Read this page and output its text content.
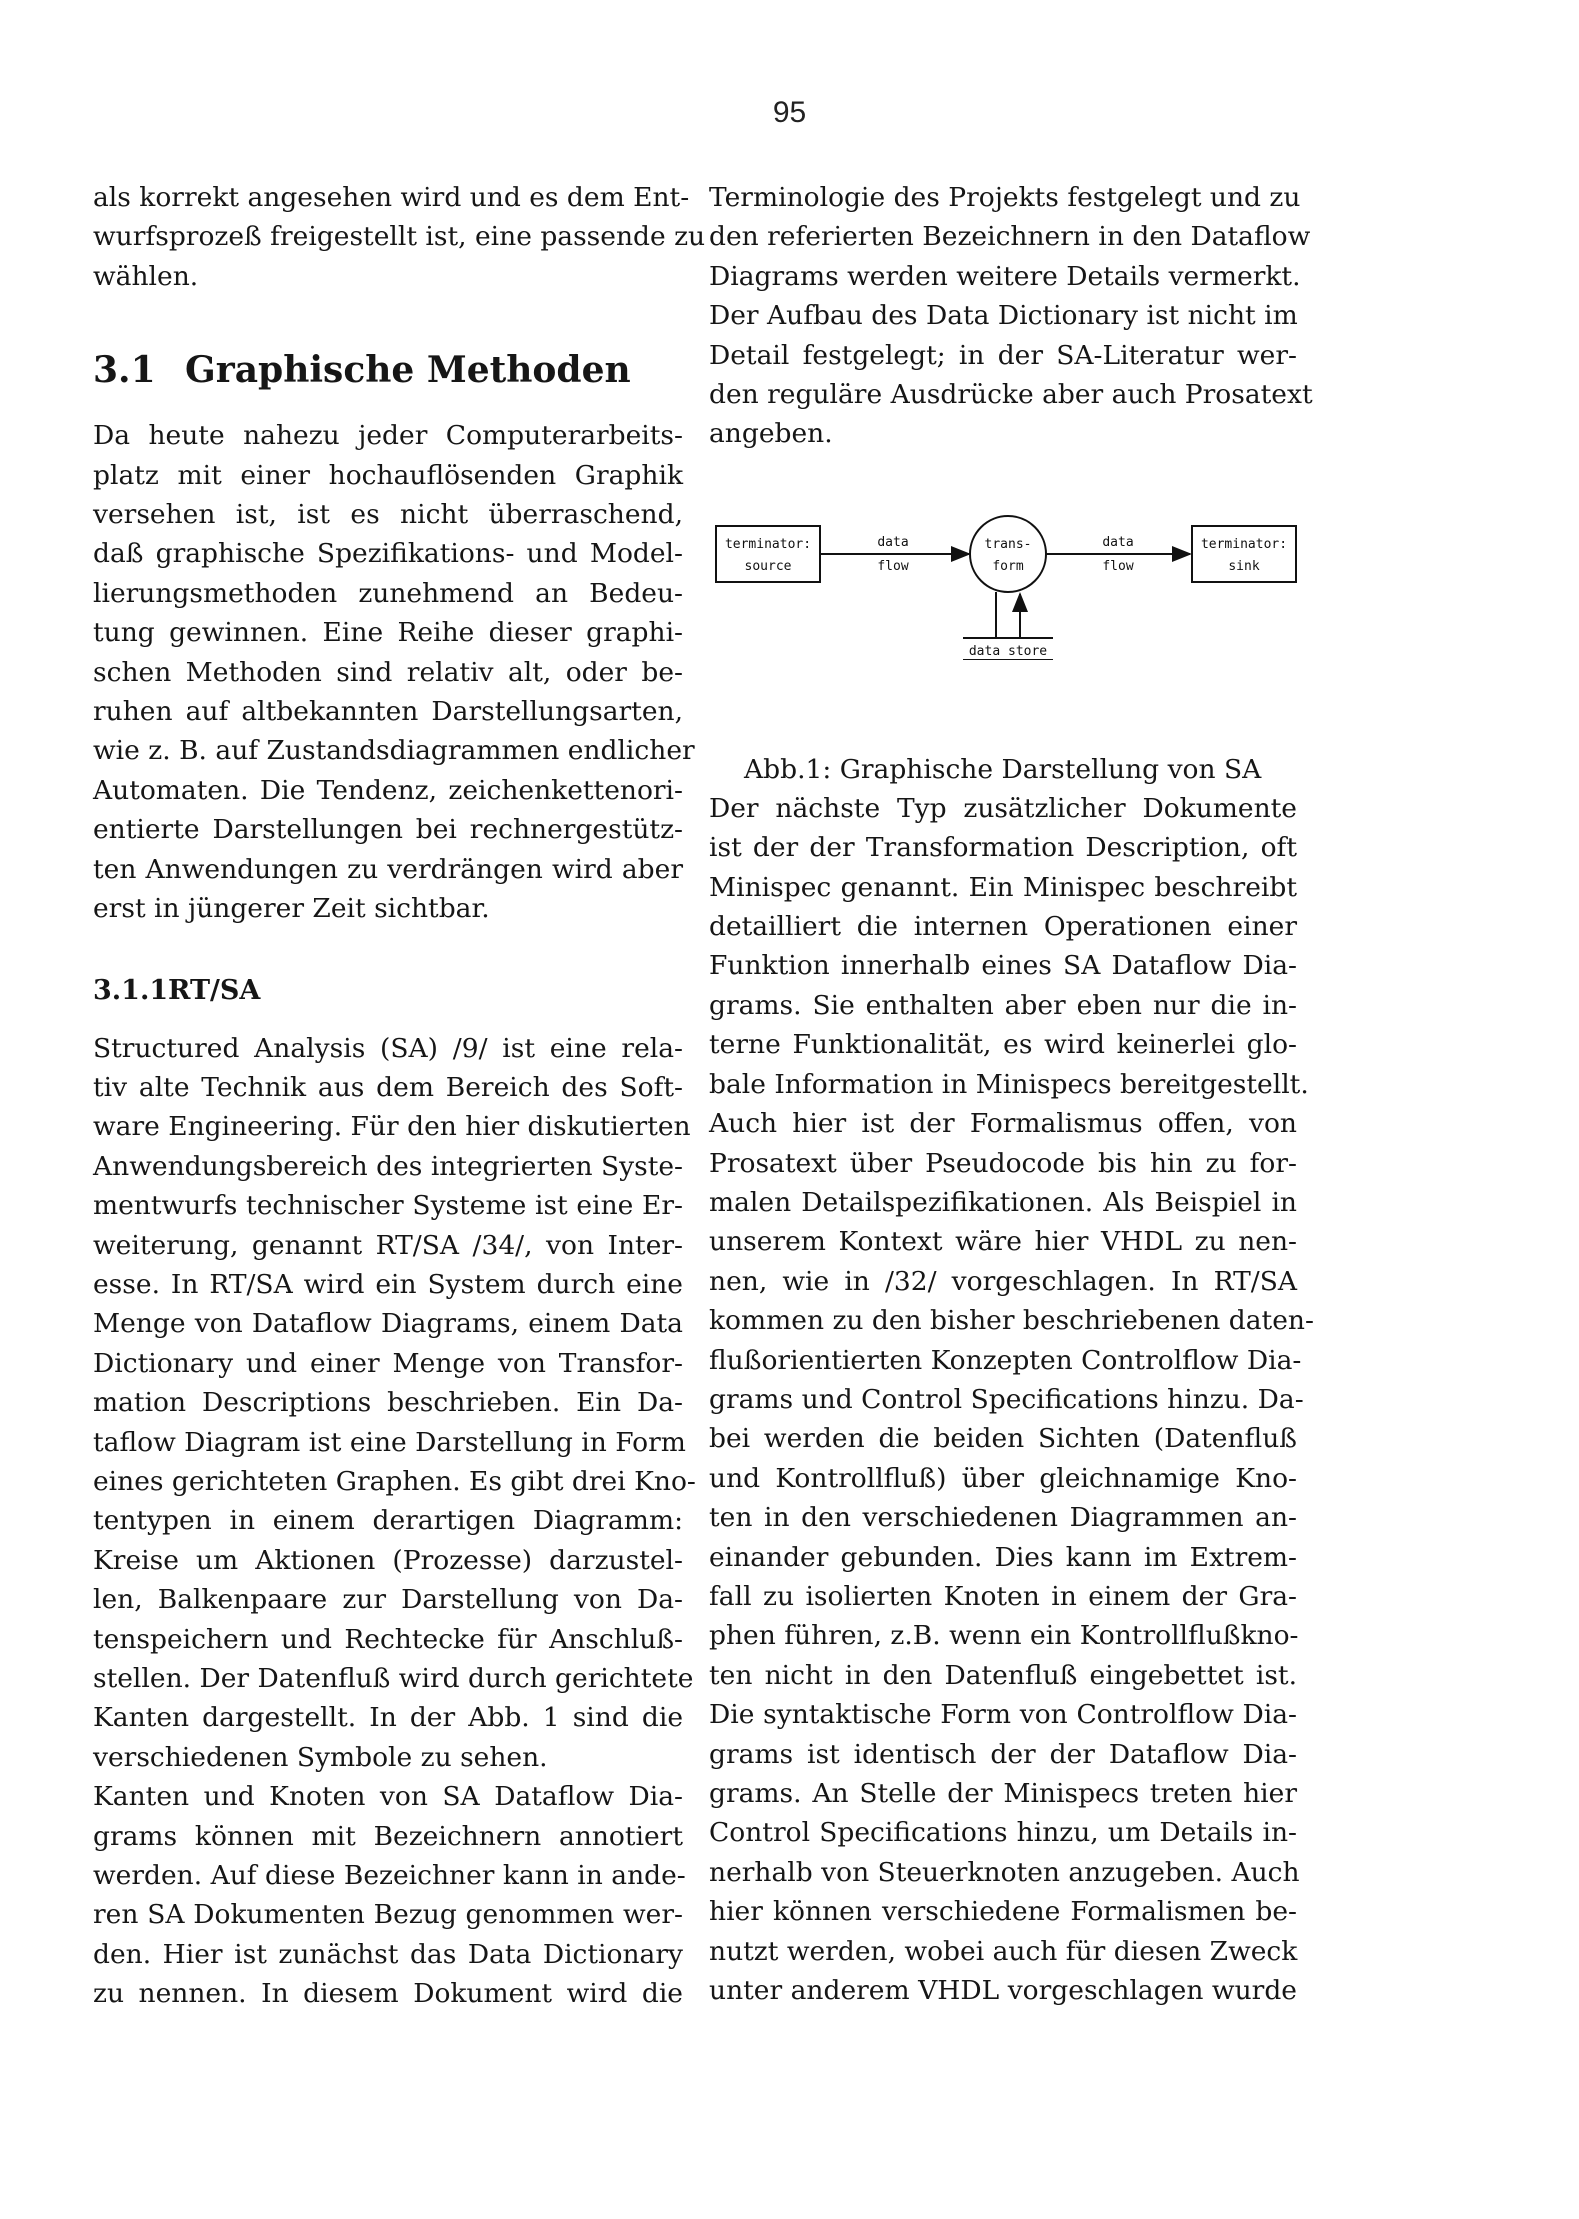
95

als korrekt angesehen wird und es dem Ent-
wurfsprozeß freigestellt ist, eine passende zu
wählen.

3.1 Graphische Methoden

Da heute nahezu jeder Computerarbeits-
platz mit einer hochauflösenden Graphik
versehen ist, ist es nicht überraschend,
daß graphische Spezifikations- und Model-
lierungsmethoden zunehmend an Bedeu-
tung gewinnen. Eine Reihe dieser graphi-
schen Methoden sind relativ alt, oder be-
ruhen auf altbekannten Darstellungsarten,
wie z. B. auf Zustandsdiagrammen endlicher
Automaten. Die Tendenz, zeichenkettenori-
entierte Darstellungen bei rechnergestütz-
ten Anwendungen zu verdrängen wird aber
erst in jüngerer Zeit sichtbar.

3.1.1RT/SA

Structured Analysis (SA) /9/ ist eine rela-
tiv alte Technik aus dem Bereich des Soft-
ware Engineering. Für den hier diskutierten
Anwendungsbereich des integrierten Syste-
mentwurfs technischer Systeme ist eine Er-
weiterung, genannt RT/SA /34/, von Inter-
esse. In RT/SA wird ein System durch eine
Menge von Dataflow Diagrams, einem Data
Dictionary und einer Menge von Transfor-
mation Descriptions beschrieben. Ein Da-
taflow Diagram ist eine Darstellung in Form
eines gerichteten Graphen. Es gibt drei Kno-
tentypen in einem derartigen Diagramm:
Kreise um Aktionen (Prozesse) darzustel-
len, Balkenpaare zur Darstellung von Da-
tenspeichern und Rechtecke für Anschluß-
stellen. Der Datenfluß wird durch gerichtete
Kanten dargestellt. In der Abb. 1 sind die
verschiedenen Symbole zu sehen.

Kanten und Knoten von SA Dataflow Dia-
grams können mit Bezeichnern annotiert
werden. Auf diese Bezeichner kann in ande-
ren SA Dokumenten Bezug genommen wer-
den. Hier ist zunächst das Data Dictionary
zu nennen. In diesem Dokument wird die

Terminologie des Projekts festgelegt und zu
den referierten Bezeichnern in den Dataflow
Diagrams werden weitere Details vermerkt.
Der Aufbau des Data Dictionary ist nicht im
Detail festgelegt; in der SA-Literatur wer-
den reguläre Ausdrücke aber auch Prosatext
angeben.

terminator:
source
data
flow
trans-
form
data
flow
terminator:
sink
data store
Abb.1: Graphische Darstellung von SA

Der nächste Typ zusätzlicher Dokumente
ist der der Transformation Description, oft
Minispec genannt. Ein Minispec beschreibt
detailliert die internen Operationen einer
Funktion innerhalb eines SA Dataflow Dia-
grams. Sie enthalten aber eben nur die in-
terne Funktionalität, es wird keinerlei glo-
bale Information in Minispecs bereitgestellt.
Auch hier ist der Formalismus offen, von
Prosatext über Pseudocode bis hin zu for-
malen Detailspezifikationen. Als Beispiel in
unserem Kontext wäre hier VHDL zu nen-
nen, wie in /32/ vorgeschlagen. In RT/SA
kommen zu den bisher beschriebenen daten-
flußorientierten Konzepten Controlflow Dia-
grams und Control Specifications hinzu. Da-
bei werden die beiden Sichten (Datenfluß
und Kontrollfluß) über gleichnamige Kno-
ten in den verschiedenen Diagrammen an-
einander gebunden. Dies kann im Extrem-
fall zu isolierten Knoten in einem der Gra-
phen führen, z.B. wenn ein Kontrollflußkno-
ten nicht in den Datenfluß eingebettet ist.
Die syntaktische Form von Controlflow Dia-
grams ist identisch der der Dataflow Dia-
grams. An Stelle der Minispecs treten hier
Control Specifications hinzu, um Details in-
nerhalb von Steuerknoten anzugeben. Auch
hier können verschiedene Formalismen be-
nutzt werden, wobei auch für diesen Zweck
unter anderem VHDL vorgeschlagen wurde
